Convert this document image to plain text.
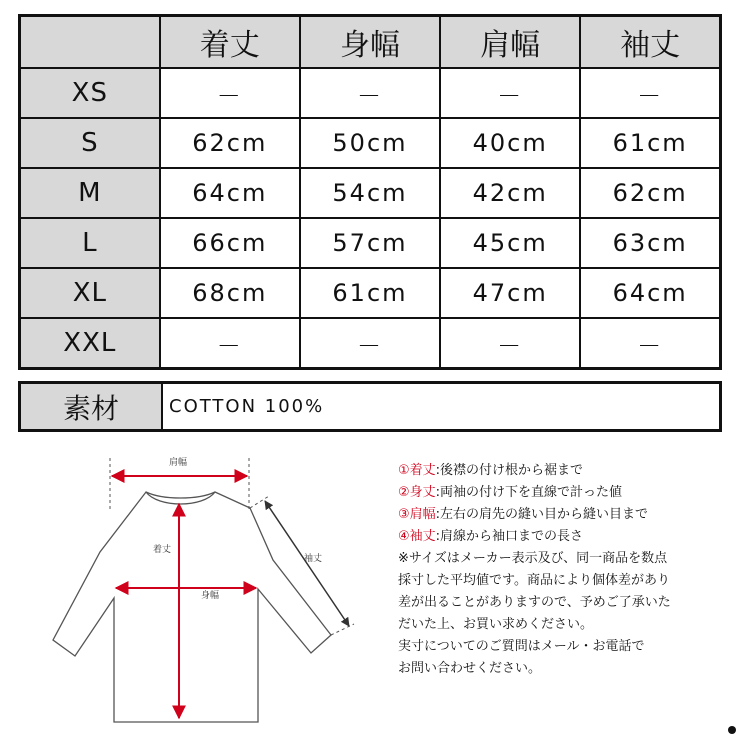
	着丈	身幅	肩幅	袖丈
XS	－	－	－	－
S	62cm	50cm	40cm	61cm
M	64cm	54cm	42cm	62cm
L	66cm	57cm	45cm	63cm
XL	68cm	61cm	47cm	64cm
XXL	－	－	－	－
素材	COTTON 100%
肩幅
着丈
身幅
袖丈
①着丈:後襟の付け根から裾まで
②身丈:両袖の付け下を直線で計った値
③肩幅:左右の肩先の縫い目から縫い目まで
④袖丈:肩線から袖口までの長さ
※サイズはメーカー表示及び、同一商品を数点
採寸した平均値です。商品により個体差があり
差が出ることがありますので、予めご了承いた
だいた上、お買い求めください。
実寸についてのご質問はメール・お電話で
お問い合わせください。
